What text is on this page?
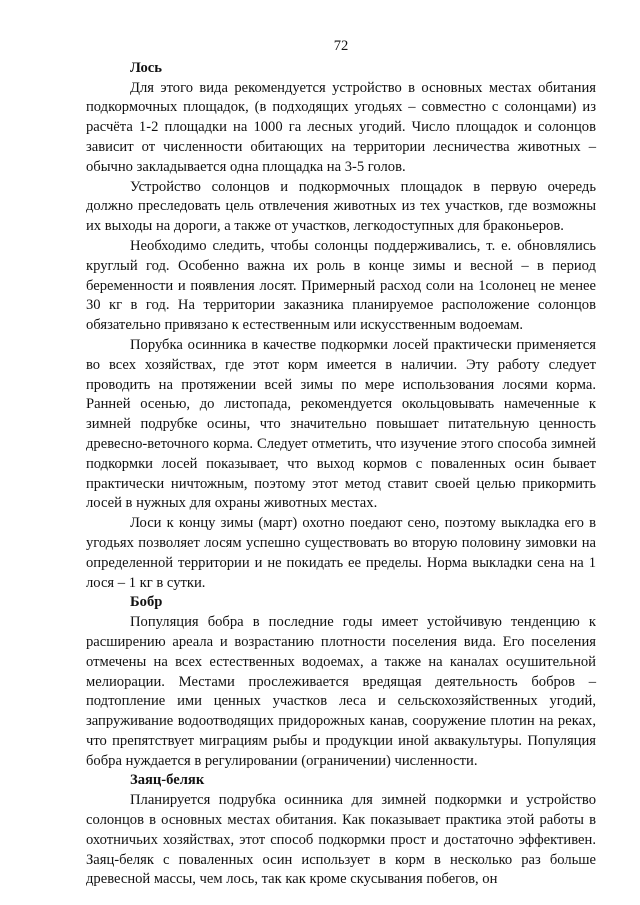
72

Лось

Для этого вида рекомендуется устройство в основных местах обитания подкормочных площадок, (в подходящих угодьях – совместно с солонцами) из расчёта 1-2 площадки на 1000 га лесных угодий. Число площадок и солонцов зависит от численности обитающих на территории лесничества животных – обычно закладывается одна площадка на 3-5 голов.

Устройство солонцов и подкормочных площадок в первую очередь должно преследовать цель отвлечения животных из тех участков, где возможны их выходы на дороги, а также от участков, легкодоступных для браконьеров.

Необходимо следить, чтобы солонцы поддерживались, т. е. обновлялись круглый год. Особенно важна их роль в конце зимы и весной – в период беременности и появления лосят. Примерный расход соли на 1солонец не менее 30 кг в год. На территории заказника планируемое расположение солонцов обязательно привязано к естественным или искусственным водоемам.

Порубка осинника в качестве подкормки лосей практически применяется во всех хозяйствах, где этот корм имеется в наличии. Эту работу следует проводить на протяжении всей зимы по мере использования лосями корма. Ранней осенью, до листопада, рекомендуется окольцовывать намеченные к зимней подрубке осины, что значительно повышает питательную ценность древесно-веточного корма. Следует отметить, что изучение этого способа зимней подкормки лосей показывает, что выход кормов с поваленных осин бывает практически ничтожным, поэтому этот метод ставит своей целью прикормить лосей в нужных для охраны животных местах.

Лоси к концу зимы (март) охотно поедают сено, поэтому выкладка его в угодьях позволяет лосям успешно существовать во вторую половину зимовки на определенной территории и не покидать ее пределы. Норма выкладки сена на 1 лося – 1 кг в сутки.

Бобр

Популяция бобра в последние годы имеет устойчивую тенденцию к расширению ареала и возрастанию плотности поселения вида. Его поселения отмечены на всех естественных водоемах, а также на каналах осушительной мелиорации. Местами прослеживается вредящая деятельность бобров – подтопление ими ценных участков леса и сельскохозяйственных угодий, запруживание водоотводящих придорожных канав, сооружение плотин на реках, что препятствует миграциям рыбы и продукции иной аквакультуры. Популяция бобра нуждается в регулировании (ограничении) численности.

Заяц-беляк

Планируется подрубка осинника для зимней подкормки и устройство солонцов в основных местах обитания. Как показывает практика этой работы в охотничьих хозяйствах, этот способ подкормки прост и достаточно эффективен. Заяц-беляк с поваленных осин использует в корм в несколько раз больше древесной массы, чем лось, так как кроме скусывания побегов, он
